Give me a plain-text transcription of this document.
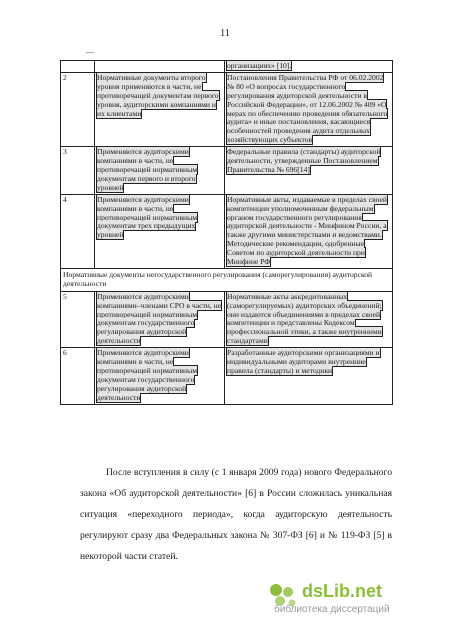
11
—
		организациях» [10].
2	Нормативные документы второго уровня применяются в части, не противоречащей документам первого уровня, аудиторскими компаниями и их клиентами	Постановления Правительства РФ от 06.02.2002 № 80 «О вопросах государственного регулирования аудиторской деятельности в Российской Федерации», от 12.06.2002 № 409 «О мерах по обеспечению проведения обязательного аудита» и иные постановления, касающиеся особенностей проведения аудита отдельных хозяйствующих субъектов
3	Применяются аудиторскими компаниями в части, не противоречащей нормативным документам первого и второго уровней	Федеральные правила (стандарты) аудиторской деятельности, утвержденные Постановлением Правительства № 696[14]
4	Применяются аудиторскими компаниями в части, не противоречащей нормативным документам трех предыдущих уровней	Нормативные акты, издаваемые в пределах своей компетенции уполномоченным федеральным органом государственного регулирования аудиторской деятельности - Минфином России, а также другими министерствами и ведомствами. Методические рекомендации, одобренные Советом по аудиторской деятельности при Минфине РФ
Нормативные документы негосударственного регулирования (саморегулирования) аудиторской деятельности		
5	Применяются аудиторскими компаниями–членами СРО в части, не противоречащей нормативным документам государственного регулирования аудиторской деятельности	Нормативные акты аккредитованных (саморегулируемых) аудиторских объединений; они издаются объединениями в пределах своей компетенции и представлены Кодексом профессиональной этики, а также внутренними стандартами
6	Применяются аудиторскими компаниями в части, не противоречащей нормативным документам государственного регулирования аудиторской деятельности	Разработанные аудиторскими организациями и индивидуальными аудиторами внутренние правила (стандарты) и методики

После вступления в силу (с 1 января 2009 года) нового Федерального закона «Об аудиторской деятельности» [6] в России сложилась уникальная ситуация «переходного периода», когда аудиторскую деятельность регулируют сразу два Федеральных закона № 307-ФЗ [6] и № 119-ФЗ [5] в некоторой части статей.

dsLib.net
библиотека диссертаций
